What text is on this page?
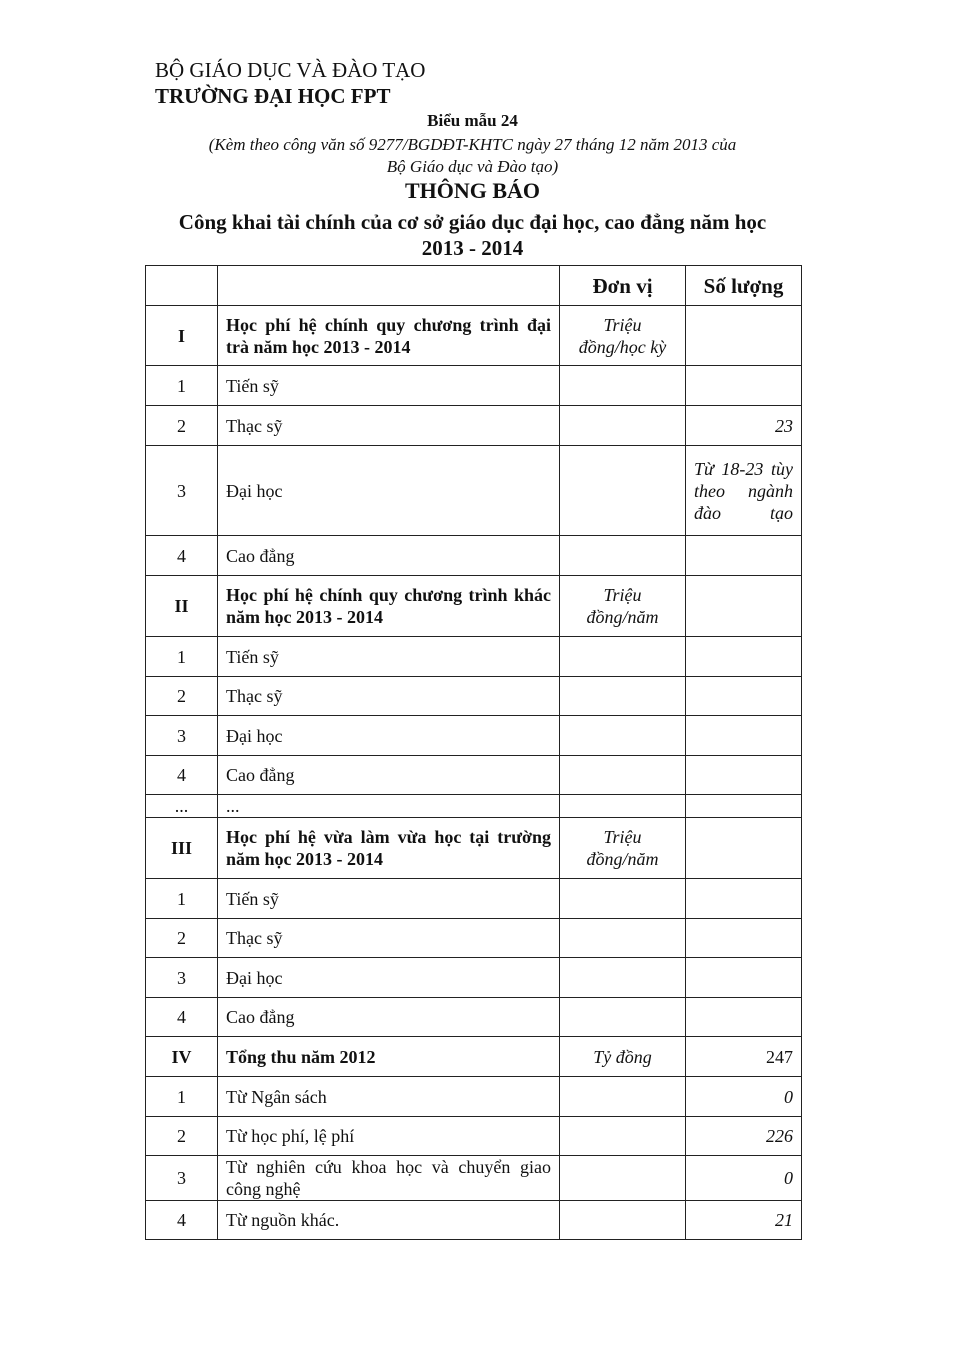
BỘ GIÁO DỤC VÀ ĐÀO TẠO
TRƯỜNG ĐẠI HỌC FPT
Biểu mẫu 24
(Kèm theo công văn số 9277/BGDĐT-KHTC ngày 27 tháng 12 năm 2013 của
Bộ Giáo dục và Đào tạo)
THÔNG BÁO
Công khai tài chính của cơ sở giáo dục đại học, cao đẳng năm học
2013 - 2014
		Đơn vị	Số lượng
I	Học phí hệ chính quy chương trình đại trà năm học 2013 - 2014	Triệu đồng/học kỳ	
1	Tiến sỹ		
2	Thạc sỹ		23
3	Đại học		Từ 18-23 tùy theo ngành đào tạo
4	Cao đẳng		
II	Học phí hệ chính quy chương trình khác năm học 2013 - 2014	Triệu đồng/năm	
1	Tiến sỹ		
2	Thạc sỹ		
3	Đại học		
4	Cao đẳng		
...	...		
III	Học phí hệ vừa làm vừa học tại trường năm học 2013 - 2014	Triệu đồng/năm	
1	Tiến sỹ		
2	Thạc sỹ		
3	Đại học		
4	Cao đẳng		
IV	Tổng thu năm 2012	Tỷ đồng	247
1	Từ Ngân sách		0
2	Từ học phí, lệ phí		226
3	Từ nghiên cứu khoa học và chuyển giao công nghệ		0
4	Từ nguồn khác.		21
